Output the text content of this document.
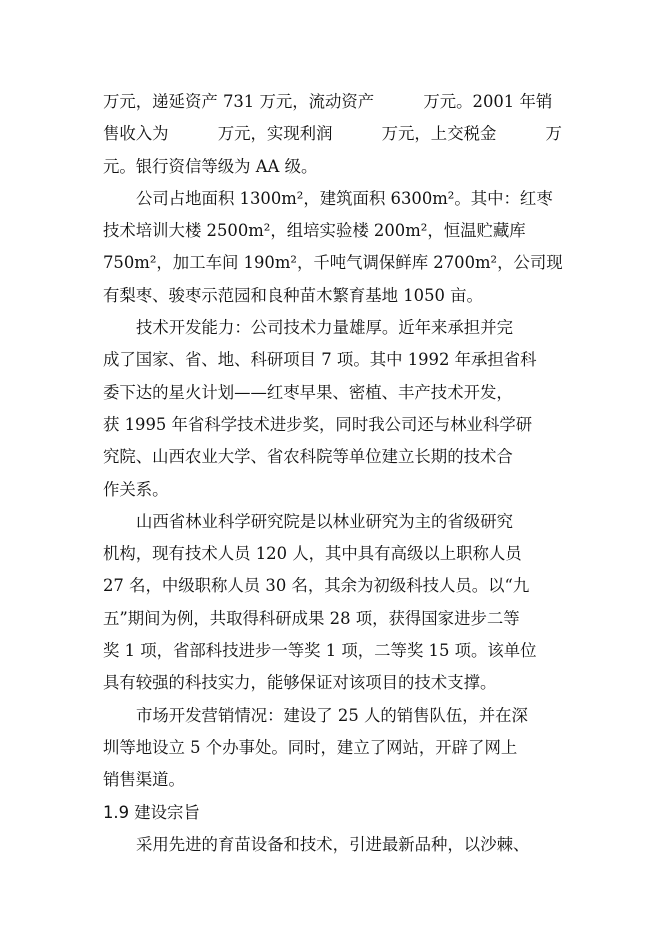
万元，递延资产 731 万元，流动资产　　　万元。2001 年销
售收入为　　　万元，实现利润　　　万元，上交税金　　　万
元。银行资信等级为 AA 级。
公司占地面积 1300m²，建筑面积 6300m²。其中：红枣
技术培训大楼 2500m²，组培实验楼 200m²，恒温贮藏库
750m²，加工车间 190m²，千吨气调保鲜库 2700m²，公司现
有梨枣、骏枣示范园和良种苗木繁育基地 1050 亩。
技术开发能力：公司技术力量雄厚。近年来承担并完
成了国家、省、地、科研项目 7 项。其中 1992 年承担省科
委下达的星火计划——红枣早果、密植、丰产技术开发，
获 1995 年省科学技术进步奖，同时我公司还与林业科学研
究院、山西农业大学、省农科院等单位建立长期的技术合
作关系。
山西省林业科学研究院是以林业研究为主的省级研究
机构，现有技术人员 120 人，其中具有高级以上职称人员
27 名，中级职称人员 30 名，其余为初级科技人员。以“九
五”期间为例，共取得科研成果 28 项，获得国家进步二等
奖 1 项，省部科技进步一等奖 1 项，二等奖 15 项。该单位
具有较强的科技实力，能够保证对该项目的技术支撑。
市场开发营销情况：建设了 25 人的销售队伍，并在深
圳等地设立 5 个办事处。同时，建立了网站，开辟了网上
销售渠道。
1.9 建设宗旨
采用先进的育苗设备和技术，引进最新品种，以沙棘、
